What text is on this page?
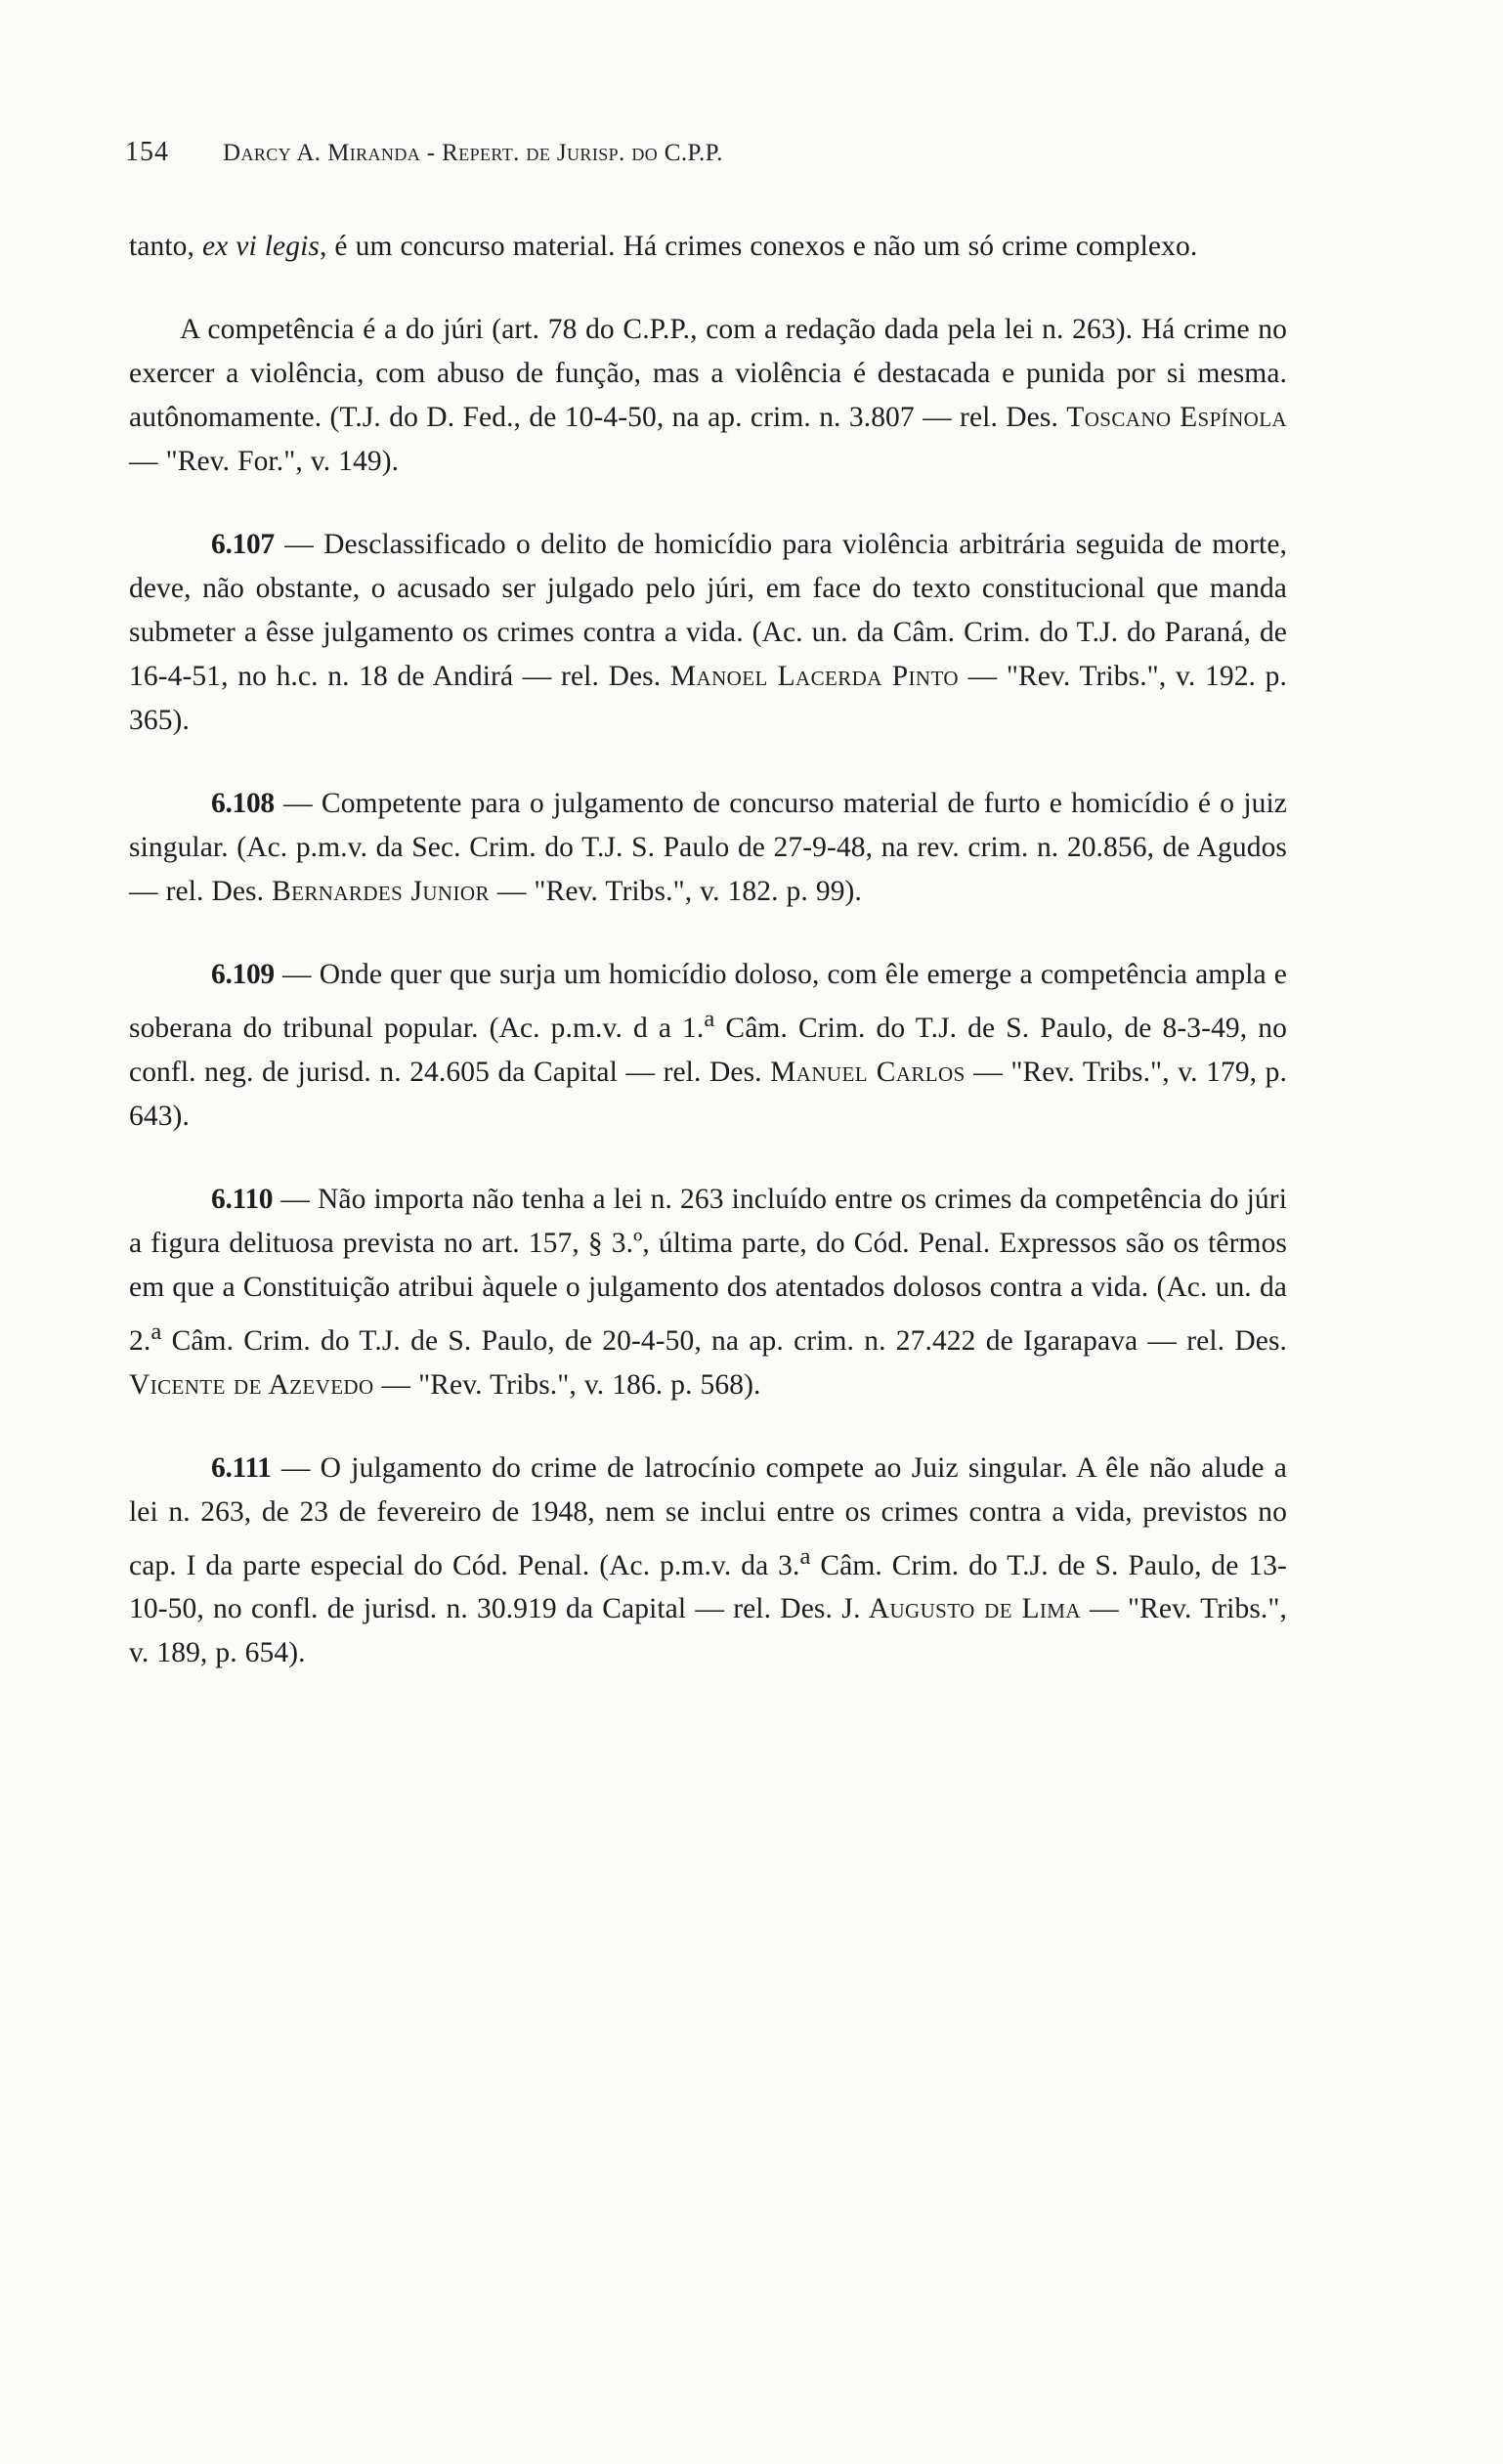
154	Darcy A. Miranda - Repert. de Jurisp. do C.P.P.

tanto, ex vi legis, é um concurso material. Há crimes conexos e não um só crime complexo.

A competência é a do júri (art. 78 do C.P.P., com a redação dada pela lei n. 263). Há crime no exercer a violência, com abuso de função, mas a violência é destacada e punida por si mesma. autônomamente. (T.J. do D. Fed., de 10-4-50, na ap. crim. n. 3.807 — rel. Des. Toscano Espínola — "Rev. For.", v. 149).

6.107 — Desclassificado o delito de homicídio para violência arbitrária seguida de morte, deve, não obstante, o acusado ser julgado pelo júri, em face do texto constitucional que manda submeter a êsse julgamento os crimes contra a vida. (Ac. un. da Câm. Crim. do T.J. do Paraná, de 16-4-51, no h.c. n. 18 de Andirá — rel. Des. Manoel Lacerda Pinto — "Rev. Tribs.", v. 192. p. 365).

6.108 — Competente para o julgamento de concurso material de furto e homicídio é o juiz singular. (Ac. p.m.v. da Sec. Crim. do T.J. S. Paulo de 27-9-48, na rev. crim. n. 20.856, de Agudos — rel. Des. Bernardes Junior — "Rev. Tribs.", v. 182. p. 99).

6.109 — Onde quer que surja um homicídio doloso, com êle emerge a competência ampla e soberana do tribunal popular. (Ac. p.m.v. d a 1.$^a$ Câm. Crim. do T.J. de S. Paulo, de 8-3-49, no confl. neg. de jurisd. n. 24.605 da Capital — rel. Des. Manuel Carlos — "Rev. Tribs.", v. 179, p. 643).

6.110 — Não importa não tenha a lei n. 263 incluído entre os crimes da competência do júri a figura delituosa prevista no art. 157, § 3.º, última parte, do Cód. Penal. Expressos são os têrmos em que a Constituição atribui àquele o julgamento dos atentados dolosos contra a vida. (Ac. un. da 2.$^a$ Câm. Crim. do T.J. de S. Paulo, de 20-4-50, na ap. crim. n. 27.422 de Igarapava — rel. Des. Vicente de Azevedo — "Rev. Tribs.", v. 186. p. 568).

6.111 — O julgamento do crime de latrocínio compete ao Juiz singular. A êle não alude a lei n. 263, de 23 de fevereiro de 1948, nem se inclui entre os crimes contra a vida, previstos no cap. I da parte especial do Cód. Penal. (Ac. p.m.v. da 3.$^a$ Câm. Crim. do T.J. de S. Paulo, de 13-10-50, no confl. de jurisd. n. 30.919 da Capital — rel. Des. J. Augusto de Lima — "Rev. Tribs.", v. 189, p. 654).
